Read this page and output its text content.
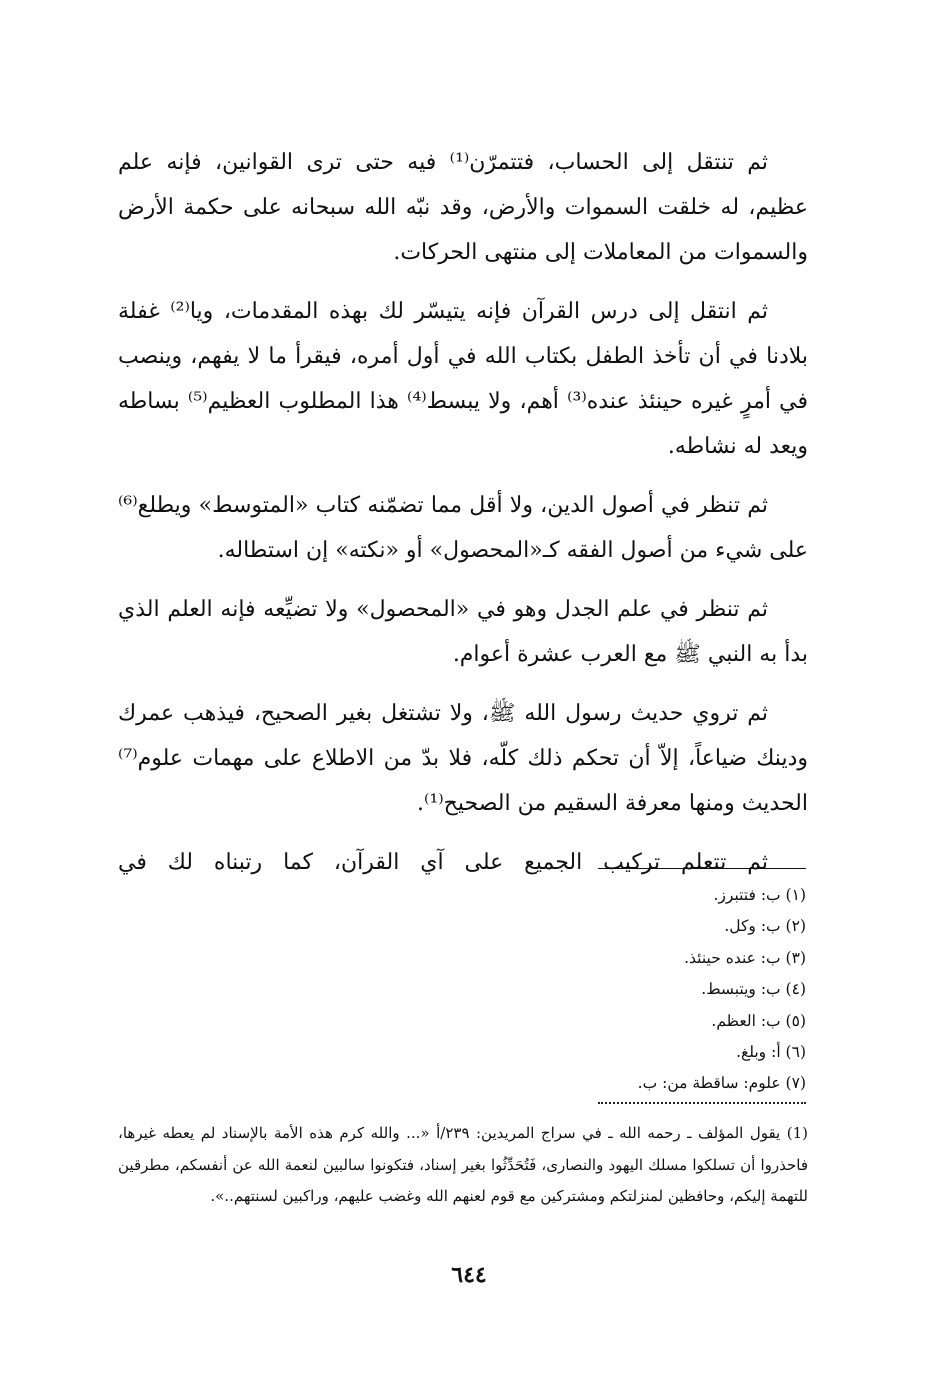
ثم تنتقل إلى الحساب، فتتمرّن⁽¹⁾ فيه حتى ترى القوانين، فإنه علم عظيم، له خلقت السموات والأرض، وقد نبّه الله سبحانه على حكمة الأرض والسموات من المعاملات إلى منتهى الحركات.

ثم انتقل إلى درس القرآن فإنه يتيسّر لك بهذه المقدمات، ويا⁽²⁾ غفلة بلادنا في أن تأخذ الطفل بكتاب الله في أول أمره، فيقرأ ما لا يفهم، وينصب في أمرٍ غيره حينئذ عنده⁽³⁾ أهم، ولا يبسط⁽⁴⁾ هذا المطلوب العظيم⁽⁵⁾ بساطه ويعد له نشاطه.

ثم تنظر في أصول الدين، ولا أقل مما تضمّنه كتاب «المتوسط» ويطلع⁽⁶⁾ على شيء من أصول الفقه كـ«المحصول» أو «نكته» إن استطاله.

ثم تنظر في علم الجدل وهو في «المحصول» ولا تضيِّعه فإنه العلم الذي بدأ به النبي ﷺ مع العرب عشرة أعوام.

ثم تروي حديث رسول الله ﷺ، ولا تشتغل بغير الصحيح، فيذهب عمرك ودينك ضياعاً، إلاّ أن تحكم ذلك كلّه، فلا بدّ من الاطلاع على مهمات علوم⁽⁷⁾ الحديث ومنها معرفة السقيم من الصحيح⁽¹⁾.

ثم تتعلم تركيب الجميع على آي القرآن، كما رتبناه لك في

(١) ب: فتتبرز.
(٢) ب: وكل.
(٣) ب: عنده حينئذ.
(٤) ب: ويتبسط.
(٥) ب: العظم.
(٦) أ: وبلغ.
(٧) علوم: ساقطة من: ب.

(1) يقول المؤلف ـ رحمه الله ـ في سراج المريدين: ٢٣٩/أ «... والله كرم هذه الأمة بالإسناد لم يعطه غيرها، فاحذروا أن تسلكوا مسلك اليهود والنصارى، فَتُحَدِّثُوا بغير إسناد، فتكونوا سالبين لنعمة الله عن أنفسكم، مطرقين للتهمة إليكم، وحافظين لمنزلتكم ومشتركين مع قوم لعنهم الله وغضب عليهم، وراكبين لسنتهم..».

٦٤٤
